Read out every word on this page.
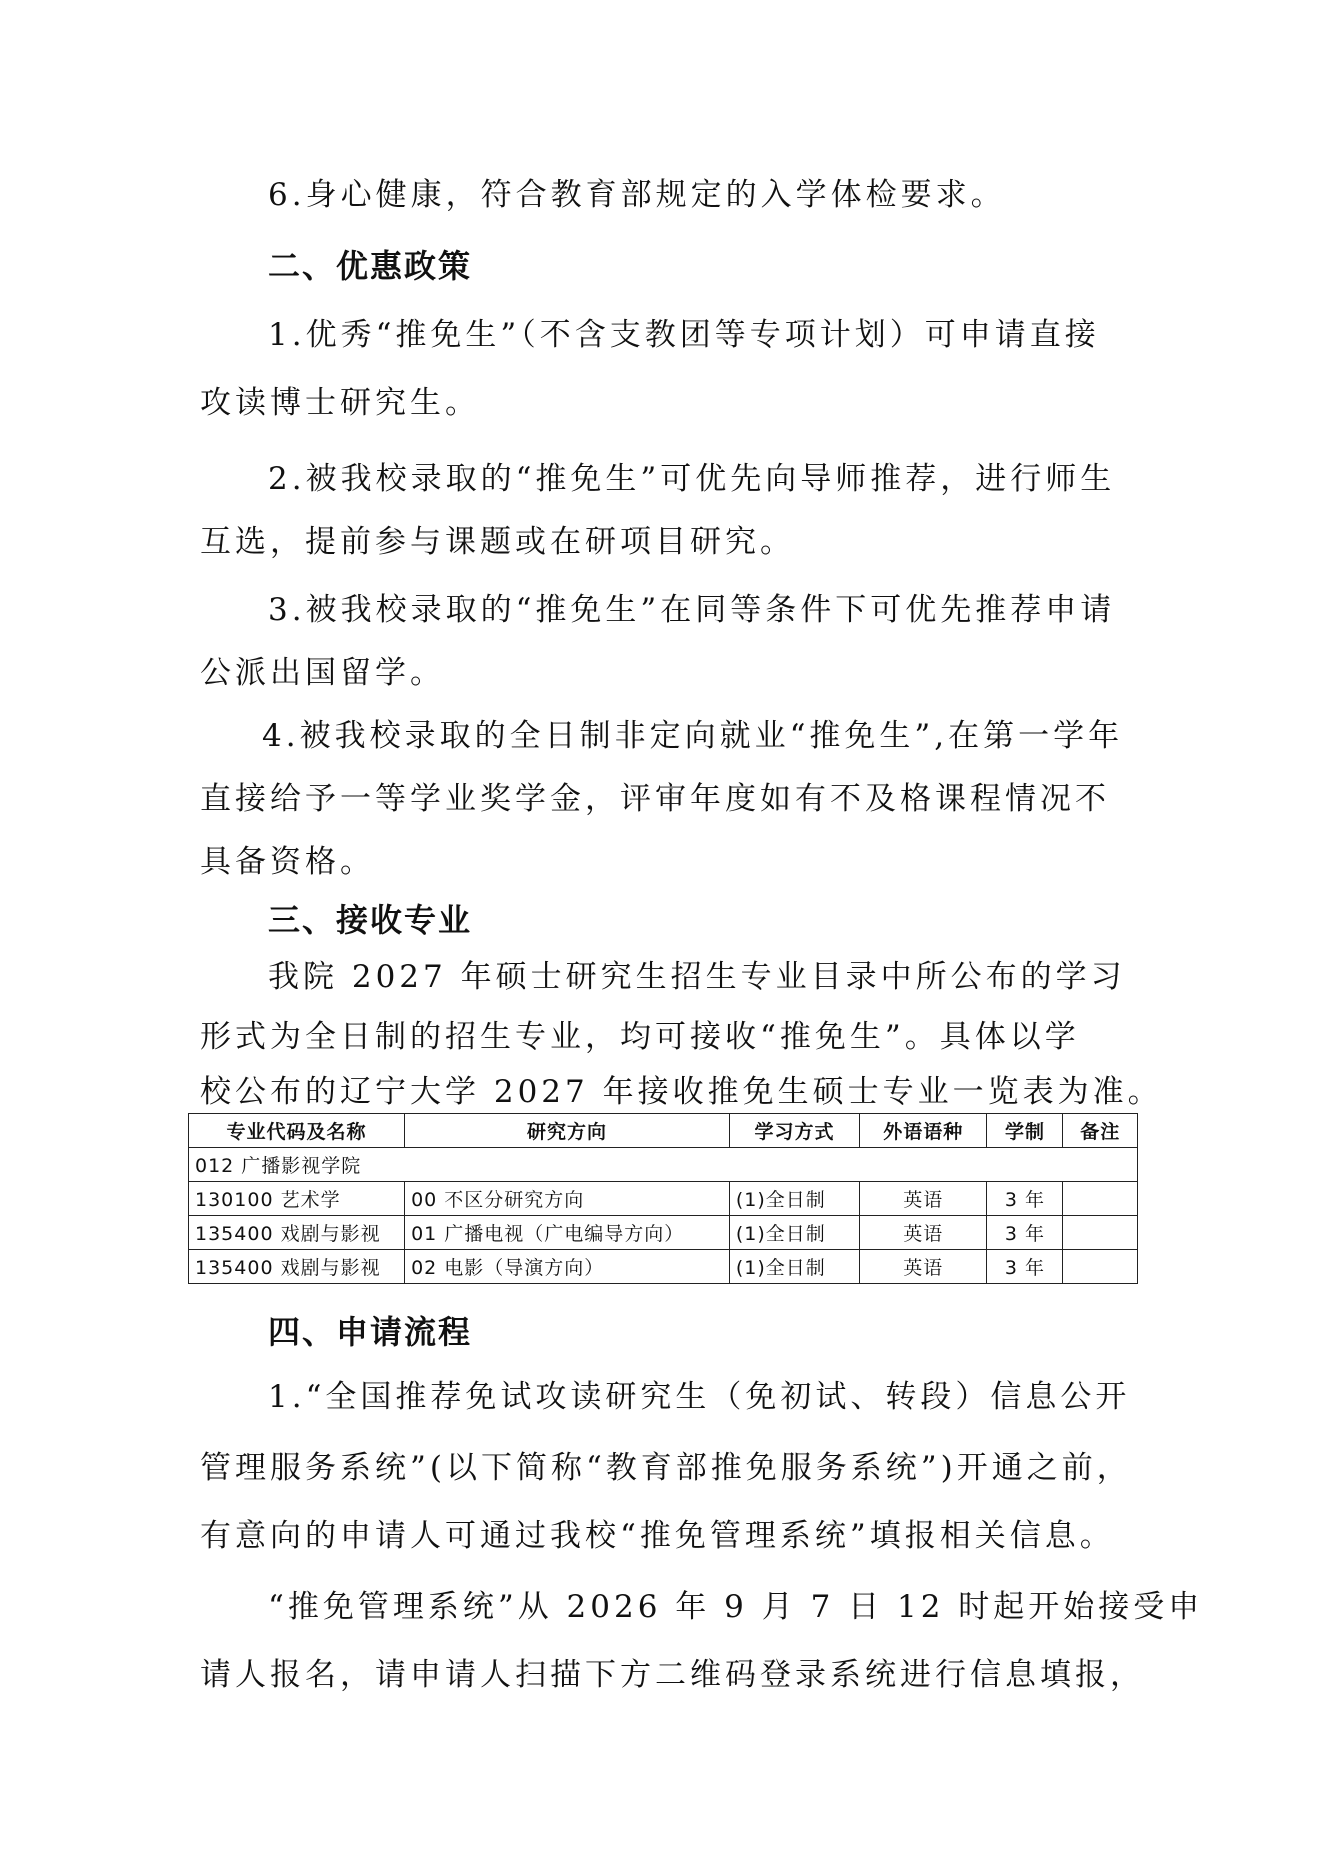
6.身心健康，符合教育部规定的入学体检要求。
二、优惠政策
1.优秀“推免生”（不含支教团等专项计划）可申请直接
攻读博士研究生。
2.被我校录取的“推免生”可优先向导师推荐，进行师生
互选，提前参与课题或在研项目研究。
3.被我校录取的“推免生”在同等条件下可优先推荐申请
公派出国留学。
4.被我校录取的全日制非定向就业“推免生”,在第一学年
直接给予一等学业奖学金，评审年度如有不及格课程情况不
具备资格。
三、接收专业
我院 2027 年硕士研究生招生专业目录中所公布的学习
形式为全日制的招生专业，均可接收“推免生”。具体以学
校公布的辽宁大学 2027 年接收推免生硕士专业一览表为准。
专业代码及名称	研究方向	学习方式	外语语种	学制	备注
012 广播影视学院					
130100 艺术学	00 不区分研究方向	(1)全日制	英语	3 年	
135400 戏剧与影视	01 广播电视（广电编导方向）	(1)全日制	英语	3 年	
135400 戏剧与影视	02 电影（导演方向）	(1)全日制	英语	3 年	
四、申请流程
1.“全国推荐免试攻读研究生（免初试、转段）信息公开
管理服务系统”(以下简称“教育部推免服务系统”)开通之前，
有意向的申请人可通过我校“推免管理系统”填报相关信息。
“推免管理系统”从 2026 年 9 月 7 日 12 时起开始接受申
请人报名，请申请人扫描下方二维码登录系统进行信息填报，
